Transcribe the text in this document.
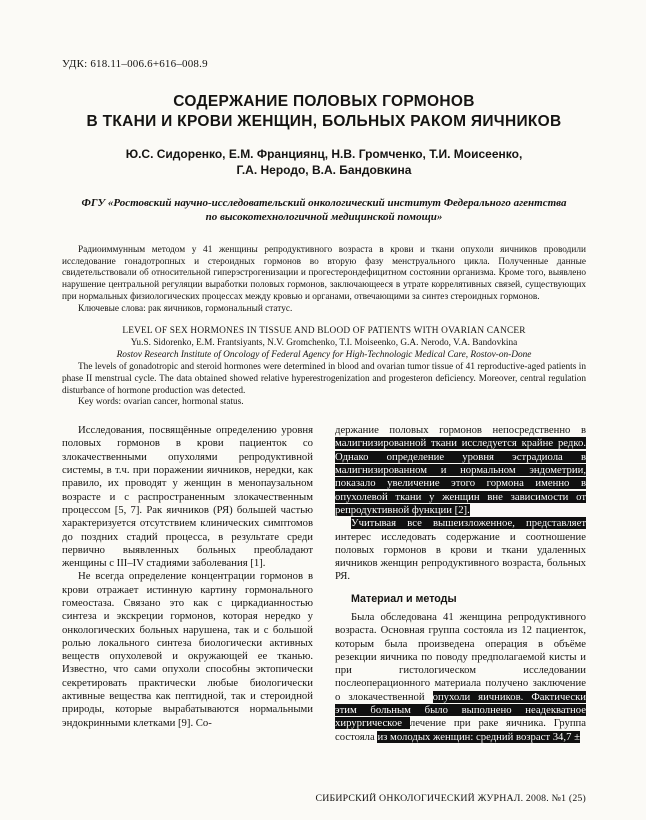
УДК: 618.11–006.6+616–008.9
СОДЕРЖАНИЕ ПОЛОВЫХ ГОРМОНОВ
В ТКАНИ И КРОВИ ЖЕНЩИН, БОЛЬНЫХ РАКОМ ЯИЧНИКОВ
Ю.С. Сидоренко, Е.М. Франциянц, Н.В. Громченко, Т.И. Моисеенко,
Г.А. Неродо, В.А. Бандовкина
ФГУ «Ростовский научно-исследовательский онкологический институт Федерального агентства
по высокотехнологичной медицинской помощи»

Радиоиммунным методом у 41 женщины репродуктивного возраста в крови и ткани опухоли яичников проводили исследование гонадотропных и стероидных гормонов во вторую фазу менструального цикла. Полученные данные свидетельствовали об относительной гиперэстрогенизации и прогестерондефицитном состоянии организма. Кроме того, выявлено нарушение центральной регуляции выработки половых гормонов, заключающееся в утрате коррелятивных связей, существующих при нормальных физиологических процессах между кровью и органами, отвечающими за синтез стероидных гормонов.

Ключевые слова: рак яичников, гормональный статус.

LEVEL OF SEX HORMONES IN TISSUE AND BLOOD OF PATIENTS WITH OVARIAN CANCER
Yu.S. Sidorenko, E.M. Frantsiyants, N.V. Gromchenko, T.I. Moiseenko, G.A. Nerodo, V.A. Bandovkina
Rostov Research Institute of Oncology of Federal Agency for High-Technologic Medical Care, Rostov-on-Done

The levels of gonadotropic and steroid hormones were determined in blood and ovarian tumor tissue of 41 reproductive-aged patients in phase II menstrual cycle. The data obtained showed relative hyperestrogenization and progesteron deficiency. Moreover, central regulation disturbance of hormone production was detected.

Key words: ovarian cancer, hormonal status.

Исследования, посвящённые определению уровня половых гормонов в крови пациенток со злокачественными опухолями репродуктивной системы, в т.ч. при поражении яичников, нередки, как правило, их проводят у женщин в менопаузальном возрасте и с распространенным злокачественным процессом [5, 7]. Рак яичников (РЯ) большей частью характеризуется отсутствием клинических симптомов до поздних стадий процесса, в результате среди первично выявленных больных преобладают женщины с III–IV стадиями заболевания [1].

Не всегда определение концентрации гормонов в крови отражает истинную картину гормонального гомеостаза. Связано это как с циркадианностью синтеза и экскреции гормонов, которая нередко у онкологических больных нарушена, так и с большой ролью локального синтеза биологически активных веществ опухолевой и окружающей ее тканью. Известно, что сами опухоли способны эктопически секретировать практически любые биологически активные вещества как пептидной, так и стероидной природы, которые вырабатываются нормальными эндокринными клетками [9]. Со-

держание половых гормонов непосредственно в малигнизированной ткани исследуется крайне редко. Однако определение уровня эстрадиола в малигнизированном и нормальном эндометрии, показало увеличение этого гормона именно в опухолевой ткани у женщин вне зависимости от репродуктивной функции [2].

Учитывая все вышеизложенное, представляет интерес исследовать содержание и соотношение половых гормонов в крови и ткани удаленных яичников женщин репродуктивного возраста, больных РЯ.

Материал и методы

Была обследована 41 женщина репродуктивного возраста. Основная группа состояла из 12 пациенток, которым была произведена операция в объёме резекции яичника по поводу предполагаемой кисты и при гистологическом исследовании послеоперационного материала получено заключение о злокачественной опухоли яичников. Фактически этим больным было выполнено неадекватное хирургическое лечение при раке яичника. Группа состояла из молодых женщин: средний возраст 34,7 ±

СИБИРСКИЙ ОНКОЛОГИЧЕСКИЙ ЖУРНАЛ. 2008. №1 (25)
